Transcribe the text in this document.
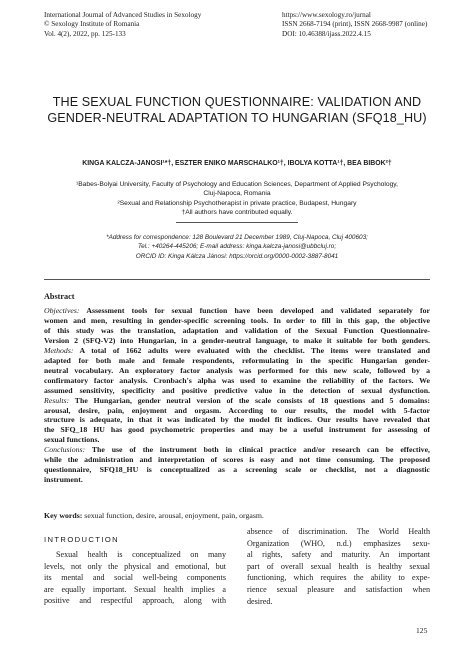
International Journal of Advanced Studies in Sexology
© Sexology Institute of Romania
Vol. 4(2), 2022, pp. 125-133
https://www.sexology.ro/jurnal
ISSN 2668-7194 (print), ISSN 2668-9987 (online)
DOI: 10.46388/ijass.2022.4.15
THE SEXUAL FUNCTION QUESTIONNAIRE: VALIDATION AND
GENDER-NEUTRAL ADAPTATION TO HUNGARIAN (SFQ18_HU)
KINGA KALCZA-JANOSI¹*†, ESZTER ENIKO MARSCHALKO¹†, IBOLYA KOTTA¹†, BEA BIBOK²†
¹Babes-Bolyai University, Faculty of Psychology and Education Sciences, Department of Applied Psychology,
Cluj-Napoca, Romania
²Sexual and Relationship Psychotherapist in private practice, Budapest, Hungary
†All authors have contributed equally.
*Address for correspondence: 128 Boulevard 21 December 1989, Cluj-Napoca, Cluj 400603;
Tel.: +40264-445206; E-mail address: kinga.kalcza-janosi@ubbcluj.ro;
ORCID ID: Kinga Kálcza Jánosi: https://orcid.org/0000-0002-3887-8041
Abstract
Objectives: Assessment tools for sexual function have been developed and validated separately for
women and men, resulting in gender-specific screening tools. In order to fill in this gap, the objective
of this study was the translation, adaptation and validation of the Sexual Function Questionnaire-
Version 2 (SFQ-V2) into Hungarian, in a gender-neutral language, to make it suitable for both genders.
Methods: A total of 1662 adults were evaluated with the checklist. The items were translated and
adapted for both male and female respondents, reformulating in the specific Hungarian gender-
neutral vocabulary. An exploratory factor analysis was performed for this new scale, followed by a
confirmatory factor analysis. Cronbach's alpha was used to examine the reliability of the factors. We
assumed sensitivity, specificity and positive predictive value in the detection of sexual dysfunction.
Results: The Hungarian, gender neutral version of the scale consists of 18 questions and 5 domains:
arousal, desire, pain, enjoyment and orgasm. According to our results, the model with 5-factor
structure is adequate, in that it was indicated by the model fit indices. Our results have revealed that
the SFQ_18 HU has good psychometric properties and may be a useful instrument for assessing of
sexual functions.
Conclusions: The use of the instrument both in clinical practice and/or research can be effective,
while the administration and interpretation of scores is easy and not time consuming. The proposed
questionnaire, SFQ18_HU is conceptualized as a screening scale or checklist, not a diagnostic
instrument.
Key words: sexual function, desire, arousal, enjoyment, pain, orgasm.
INTRODUCTION
Sexual health is conceptualized on many
levels, not only the physical and emotional, but
its mental and social well-being components
are equally important. Sexual health implies a
positive and respectful approach, along with
absence of discrimination. The World Health
Organization (WHO, n.d.) emphasizes sexu-
al rights, safety and maturity. An important
part of overall sexual health is healthy sexual
functioning, which requires the ability to expe-
rience sexual pleasure and satisfaction when
desired.
125
